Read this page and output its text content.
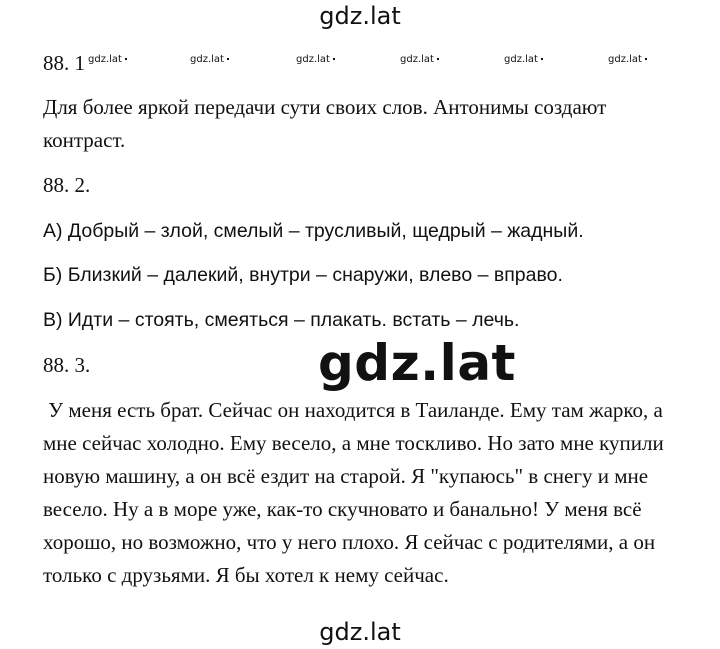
gdz.lat
88. 1 gdz.lat	gdz.lat	gdz.lat	gdz.lat	gdz.lat	gdz.lat
Для более яркой передачи сути своих слов. Антонимы создают
контраст.
88. 2.
А) Добрый – злой, смелый – трусливый, щедрый – жадный.
Б) Близкий – далекий, внутри – снаружи, влево – вправо.
В) Идти – стоять, смеяться – плакать. встать – лечь.
88. 3.	gdz.lat
У меня есть брат. Сейчас он находится в Таиланде. Ему там жарко, а
мне сейчас холодно. Ему весело, а мне тоскливо. Но зато мне купили
новую машину, а он всё ездит на старой. Я "купаюсь" в снегу и мне
весело. Ну а в море уже, как-то скучновато и банально! У меня всё
хорошо, но возможно, что у него плохо. Я сейчас с родителями, а он
только с друзьями. Я бы хотел к нему сейчас.
gdz.lat
